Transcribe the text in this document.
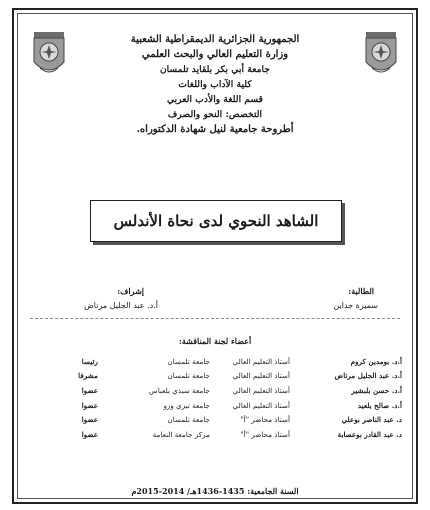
الجمهورية الجزائرية الديمقراطية الشعبية
وزارة التعليم العالي والبحث العلمي
جامعة أبي بكر بلقايد تلمسان
كلية الآداب واللغات
قسم اللغة والأدب العربي
التخصص: النحو والصرف
أطروحة جامعية لنيل شهادة الدكتوراه.
الشاهد النحوي لدى نحاة الأندلس
الطالبة:
سميرة جداين
إشراف:
أ.د. عبد الجليل مرتاض
أعضاء لجنة المناقشة:
أ.د. بومدين كروم
أستاذ التعليم العالي
جامعة تلمسان
رئيسا
أ.د. عبد الجليل مرتاض
أستاذ التعليم العالي
جامعة تلمسان
مشرفا
أ.د. حسن بلبشير
أستاذ التعليم العالي
جامعة سيدي بلعباس
عضوا
أ.د. صالح بلعيد
أستاذ التعليم العالي
جامعة تيزي وزو
عضوا
د. عبد الناصر بوعلي
أستاذ محاضر "أ"
جامعة تلمسان
عضوا
د. عبد القادر بوعصابة
أستاذ محاضر "أ"
مركز جامعة النعامة
عضوا
السنة الجامعية: 1435-1436هـ/ 2014-2015م
